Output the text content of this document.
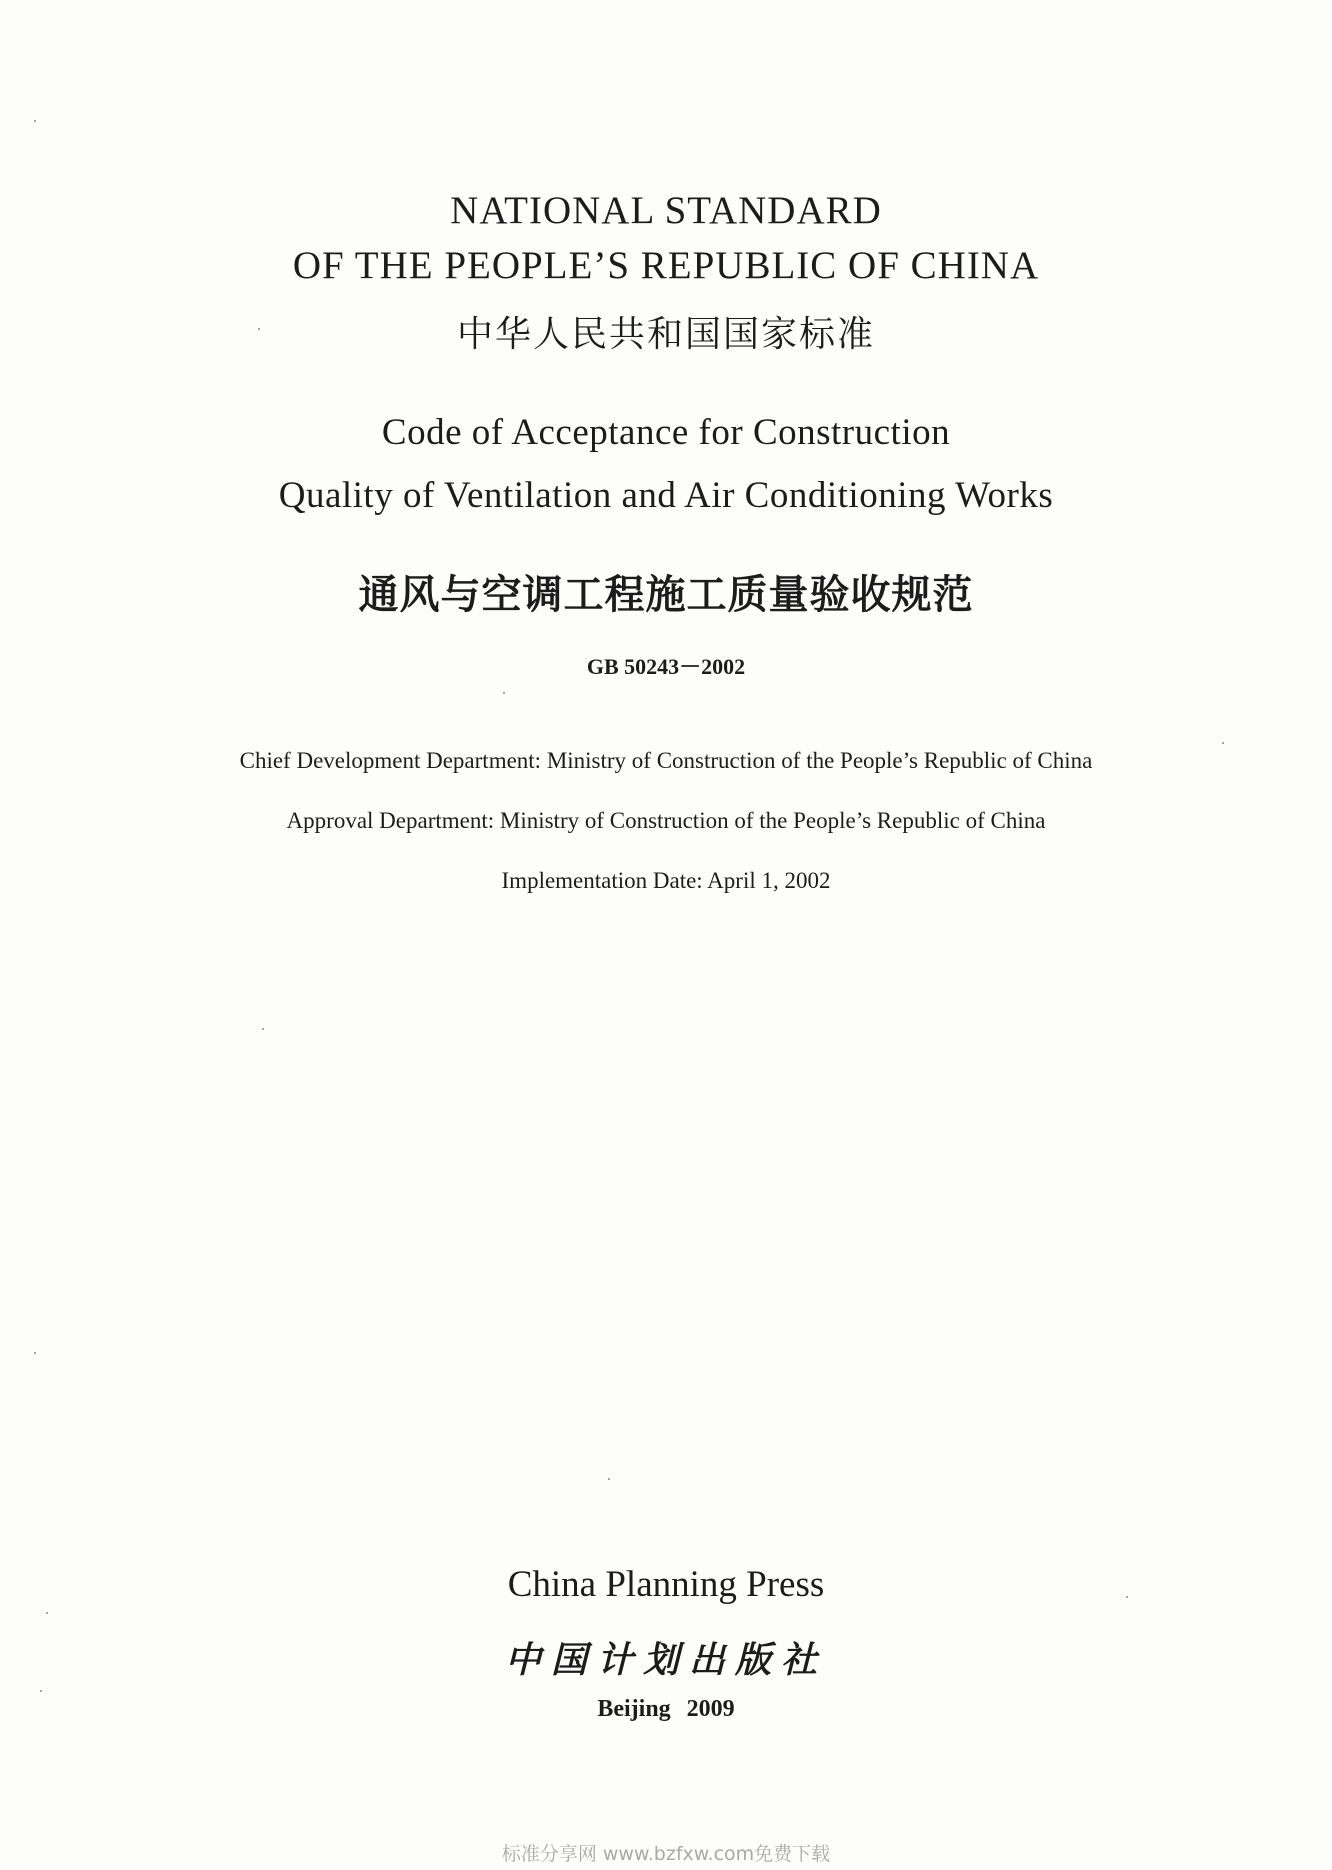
NATIONAL STANDARD
OF THE PEOPLE’S REPUBLIC OF CHINA
中华人民共和国国家标准
Code of Acceptance for Construction
Quality of Ventilation and Air Conditioning Works
通风与空调工程施工质量验收规范
GB 50243－2002
Chief Development Department: Ministry of Construction of the People’s Republic of China
Approval Department: Ministry of Construction of the People’s Republic of China
Implementation Date: April 1, 2002
China Planning Press
中国计划出版社
Beijing 2009
标准分享网 www.bzfxw.com免费下载
